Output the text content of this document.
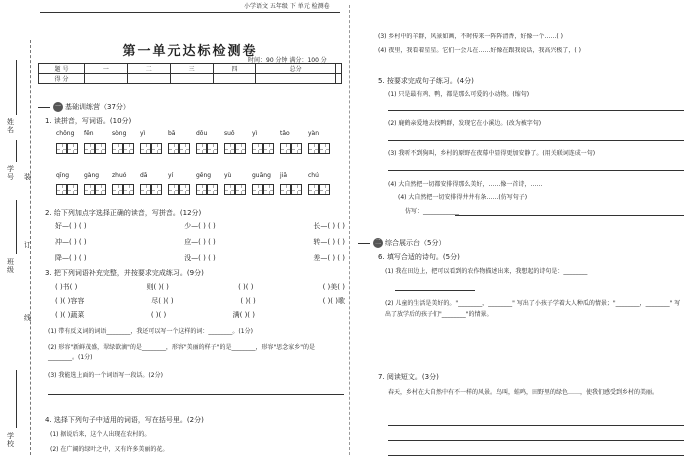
小学语文 五年级 下 单元 检测卷
姓名
学号
班级
学校
装
订
线
第一单元达标检测卷
时间：90 分钟 满分：100 分
题 号	一	二	三	四	总分	
得 分						
一 基础训练营（37分）
1. 读拼音，写词语。(10分)
chōng fēn	sòng yì	bā	dōu	suǒ	yì	tǎo	yàn
qīng gàng zhuó dā	yí	gēng yù	guāng jiā	chú
2. 给下列加点字选择正确的读音，写拼音。(12分)
好—( ) ( )	少—( ) ( )	长—( ) ( )
冲—( ) ( )	应—( ) ( )	转—( ) ( )
降—( ) ( )	没—( ) ( )	差—( ) ( )
3. 把下列词语补充完整，并按要求完成练习。(9分)
( )书( )	则( )( )	( )( )	( )美( )
( )( )容容	尽( )( )	( )( )	( )( )歌
( )( )蔬菜	( )( )	满( )( )
(1) 带有反义词的词语________，我还可以写一个这样的词：________。(1分)
(2) 形容"新鲜茂盛，翠绿欲滴"的是________，形容"美丽的样子"的是________，形容"思念家乡"的是________。(1分)
(3) 我能选上面的一个词语写一段话。(2分)
4. 选择下列句子中适用的词语，写在括号里。(2分)
(1) 据说后来，这个人出现在农村的。
(2) 在广阔的绿叶之中，又有许多美丽的花。
(3) 乡村中的羊群，风景如画，不时传来一阵阵清香，好像一个……( )
(4) 夜里，我看着星星。它们一会儿在……好像在跟我说话，我高兴极了，( )
5. 按要求完成句子练习。(4分)
(1) 只是最有鸡、鸭，都是那么可爱的小动物。(缩句)
(2) 鹿鹤亲爱地去找鸭群，发现它在小溪边。(改为被字句)
(3) 我听不到狗叫，乡村的原野在夜幕中显得更加安静了。(用关联词连成一句)
(4) 大自然把一切都安排得那么美好，……像一首诗，……
(4) 大自然把一切安排得井井有条……(仿写句子)
仿写：____________
二 综合展示台（5分）
6. 填写合适的诗句。(5分)
(1) 我在田边上，把可以看到的农作物描述出来，我想起的诗句是：________
(2) 儿童的生活是美好的。"________，________" 写出了小孩子学着大人种瓜的情景；"________，________" 写出了放学后的孩子们"________"的情景。
7. 阅读短文。(3分)
春天，乡村在大自然中有不一样的风景。鸟叫，蛙鸣，田野里的绿色……，使我们感受到乡村的美丽。
